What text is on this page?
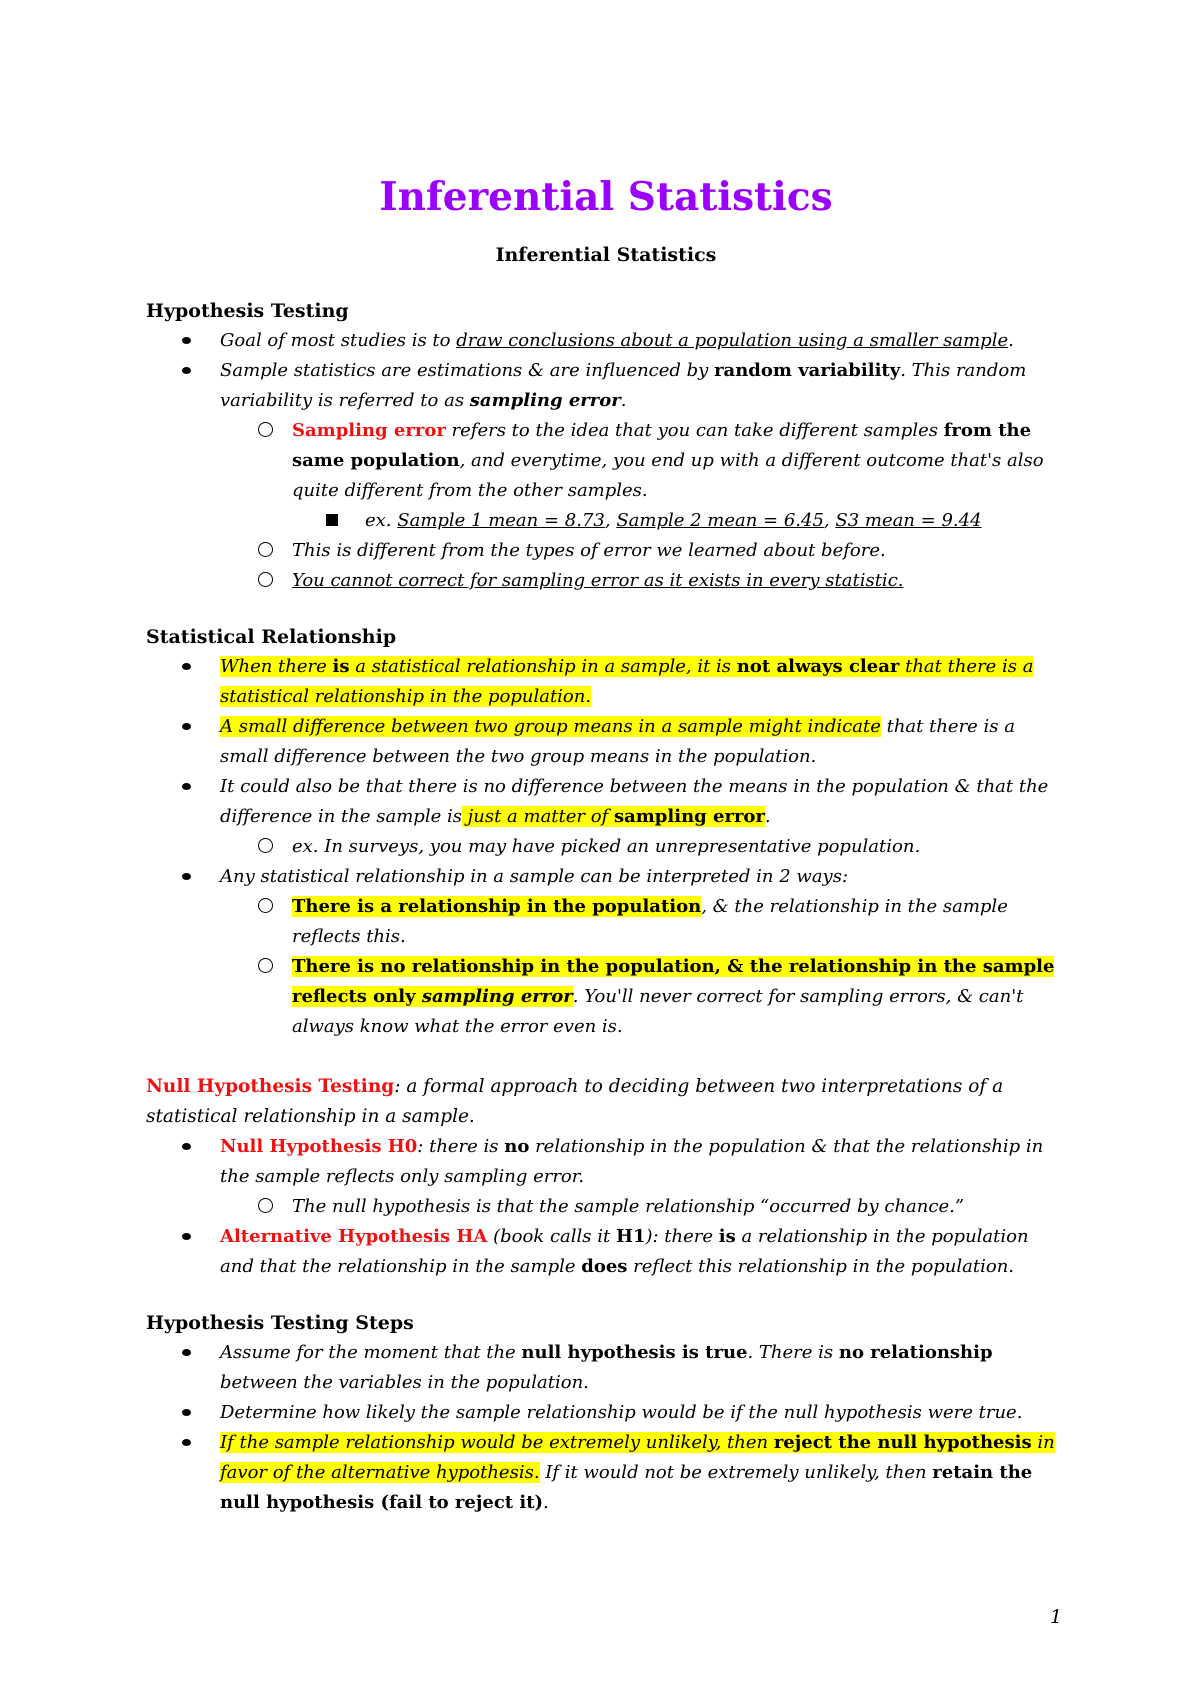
Inferential Statistics
Inferential Statistics
Hypothesis Testing
Goal of most studies is to draw conclusions about a population using a smaller sample.
Sample statistics are estimations & are influenced by random variability. This random variability is referred to as sampling error.
Sampling error refers to the idea that you can take different samples from the same population, and everytime, you end up with a different outcome that's also quite different from the other samples.
ex. Sample 1 mean = 8.73, Sample 2 mean = 6.45, S3 mean = 9.44
This is different from the types of error we learned about before.
You cannot correct for sampling error as it exists in every statistic.
Statistical Relationship
When there is a statistical relationship in a sample, it is not always clear that there is a statistical relationship in the population.
A small difference between two group means in a sample might indicate that there is a small difference between the two group means in the population.
It could also be that there is no difference between the means in the population & that the difference in the sample is just a matter of sampling error.
ex. In surveys, you may have picked an unrepresentative population.
Any statistical relationship in a sample can be interpreted in 2 ways:
There is a relationship in the population, & the relationship in the sample reflects this.
There is no relationship in the population, & the relationship in the sample reflects only sampling error. You'll never correct for sampling errors, & can't always know what the error even is.
Null Hypothesis Testing: a formal approach to deciding between two interpretations of a statistical relationship in a sample.
Null Hypothesis H0: there is no relationship in the population & that the relationship in the sample reflects only sampling error.
The null hypothesis is that the sample relationship “occurred by chance.”
Alternative Hypothesis HA (book calls it H1): there is a relationship in the population and that the relationship in the sample does reflect this relationship in the population.
Hypothesis Testing Steps
Assume for the moment that the null hypothesis is true. There is no relationship between the variables in the population.
Determine how likely the sample relationship would be if the null hypothesis were true.
If the sample relationship would be extremely unlikely, then reject the null hypothesis in favor of the alternative hypothesis. If it would not be extremely unlikely, then retain the null hypothesis (fail to reject it).
1
